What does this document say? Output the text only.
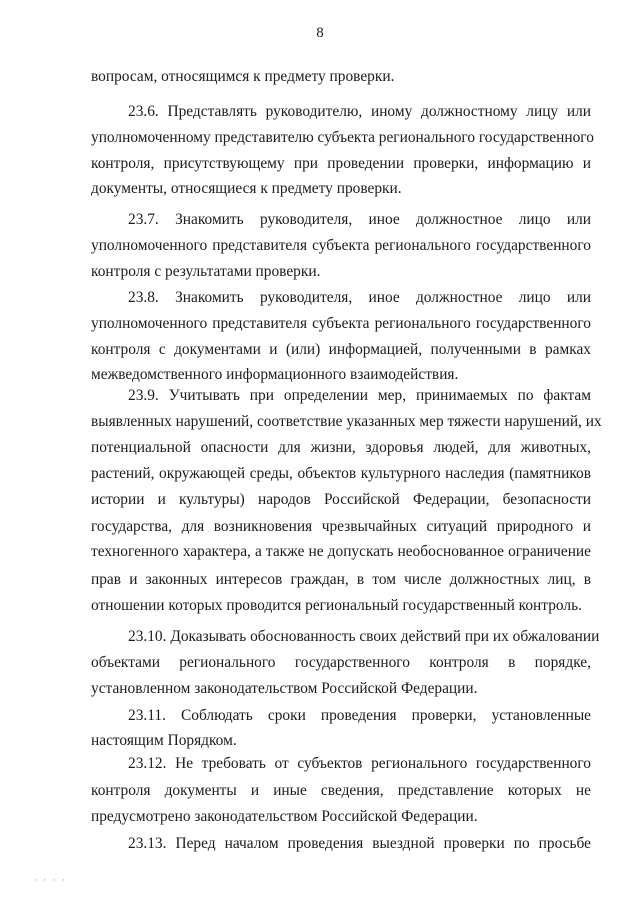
8

вопросам, относящимся к предмету проверки.

23.6. Представлять руководителю, иному должностному лицу или

уполномоченному представителю субъекта регионального государственного

контроля, присутствующему при проведении проверки, информацию и

документы, относящиеся к предмету проверки.

23.7. Знакомить руководителя, иное должностное лицо или

уполномоченного представителя субъекта регионального государственного

контроля с результатами проверки.

23.8. Знакомить руководителя, иное должностное лицо или

уполномоченного представителя субъекта регионального государственного

контроля с документами и (или) информацией, полученными в рамках

межведомственного информационного взаимодействия.

23.9. Учитывать при определении мер, принимаемых по фактам

выявленных нарушений, соответствие указанных мер тяжести нарушений, их

потенциальной опасности для жизни, здоровья людей, для животных,

растений, окружающей среды, объектов культурного наследия (памятников

истории и культуры) народов Российской Федерации, безопасности

государства, для возникновения чрезвычайных ситуаций природного и

техногенного характера, а также не допускать необоснованное ограничение

прав и законных интересов граждан, в том числе должностных лиц, в

отношении которых проводится региональный государственный контроль.

23.10. Доказывать обоснованность своих действий при их обжаловании

объектами регионального государственного контроля в порядке,

установленном законодательством Российской Федерации.

23.11. Соблюдать сроки проведения проверки, установленные

настоящим Порядком.

23.12. Не требовать от субъектов регионального государственного

контроля документы и иные сведения, представление которых не

предусмотрено законодательством Российской Федерации.

23.13. Перед началом проведения выездной проверки по просьбе

· · · ·
